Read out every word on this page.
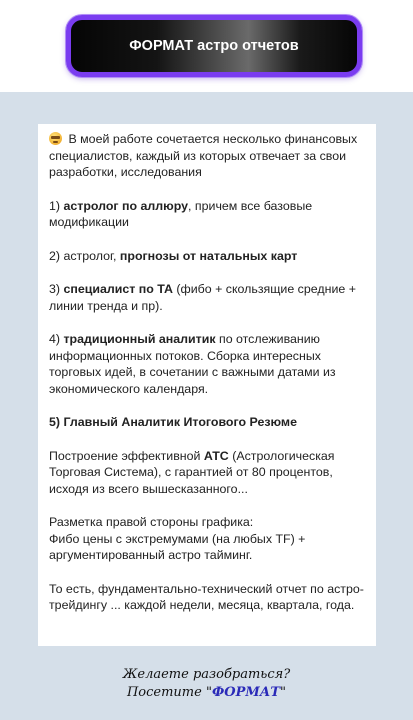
ФОРМАТ астро отчетов

В моей работе сочетается несколько финансовых специалистов, каждый из которых отвечает за свои разработки, исследования

1) астролог по аллюру, причем все базовые модификации

2) астролог, прогнозы от натальных карт

3) специалист по ТА (фибо + скользящие средние + линии тренда и пр).

4) традиционный аналитик по отслеживанию информационных потоков. Сборка интересных торговых идей, в сочетании с важными датами из экономического календаря.

5) Главный Аналитик Итогового Резюме

Построение эффективной АТС (Астрологическая Торговая Система), с гарантией от 80 процентов, исходя из всего вышесказанного...

Разметка правой стороны графика:
Фибо цены с экстремумами (на любых TF) + аргументированный астро тайминг.

То есть, фундаментально-технический отчет по астро-трейдингу ... каждой недели, месяца, квартала, года.

Желаете разобраться?
Посетите "ФОРМАТ"
